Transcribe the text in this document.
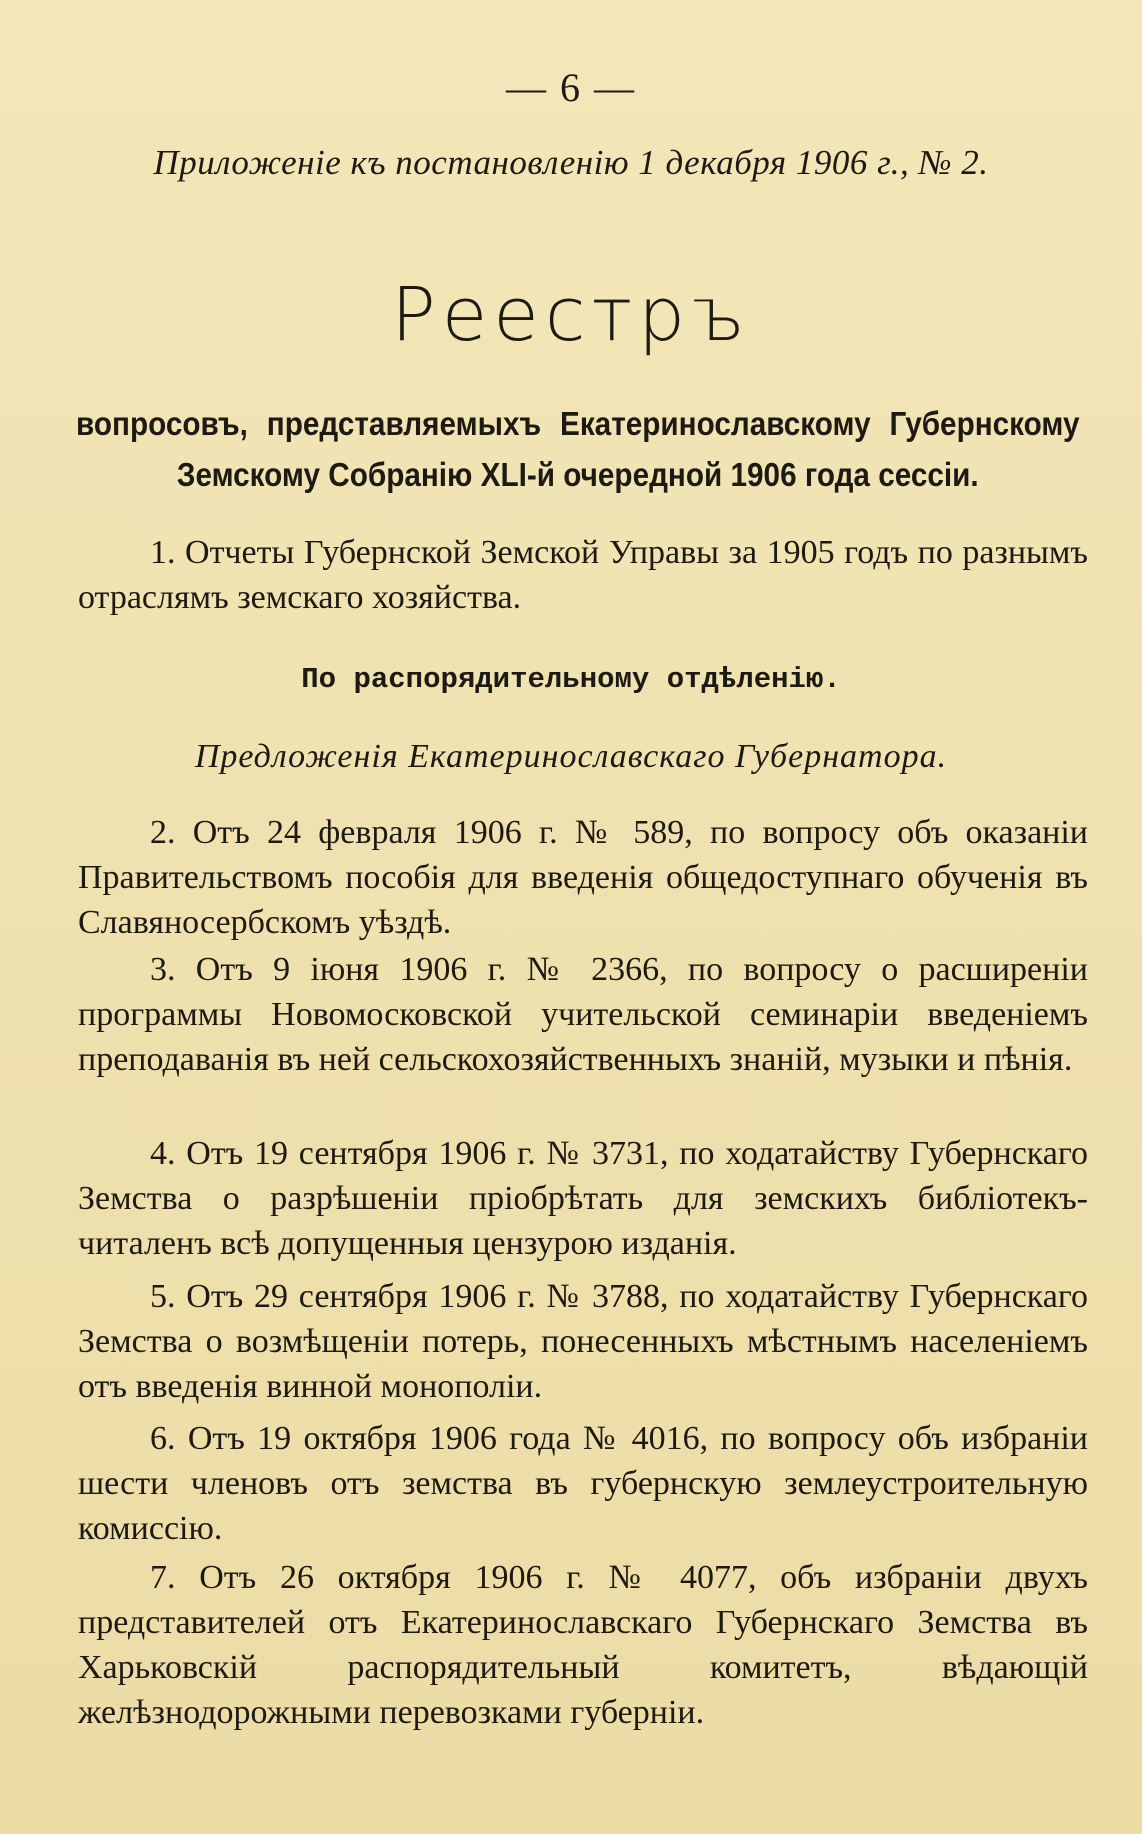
— 6 —
Приложеніе къ постановленію 1 декабря 1906 г., № 2.
Реестръ
вопросовъ, представляемыхъ Екатеринославскому Губернскому Земскому Собранію XLI-й очередной 1906 года сессіи.
1. Отчеты Губернской Земской Управы за 1905 годъ по разнымъ отраслямъ земскаго хозяйства.
По распорядительному отдѣленію.
Предложенія Екатеринославскаго Губернатора.
2. Отъ 24 февраля 1906 г. № 589, по вопросу объ оказаніи Правительствомъ пособія для введенія общедоступнаго обученія въ Славяносербскомъ уѣздѣ.
3. Отъ 9 іюня 1906 г. № 2366, по вопросу о расширеніи программы Новомосковской учительской семинаріи введеніемъ преподаванія въ ней сельскохозяйственныхъ знаній, музыки и пѣнія.
4. Отъ 19 сентября 1906 г. № 3731, по ходатайству Губернскаго Земства о разрѣшеніи пріобрѣтать для земскихъ библіотекъ-читаленъ всѣ допущенныя цензурою изданія.
5. Отъ 29 сентября 1906 г. № 3788, по ходатайству Губернскаго Земства о возмѣщеніи потерь, понесенныхъ мѣстнымъ населеніемъ отъ введенія винной монополіи.
6. Отъ 19 октября 1906 года № 4016, по вопросу объ избраніи шести членовъ отъ земства въ губернскую землеустроительную комиссію.
7. Отъ 26 октября 1906 г. № 4077, объ избраніи двухъ представителей отъ Екатеринославскаго Губернскаго Земства въ Харьковскій распорядительный комитетъ, вѣдающій желѣзнодорожными перевозками губерніи.
